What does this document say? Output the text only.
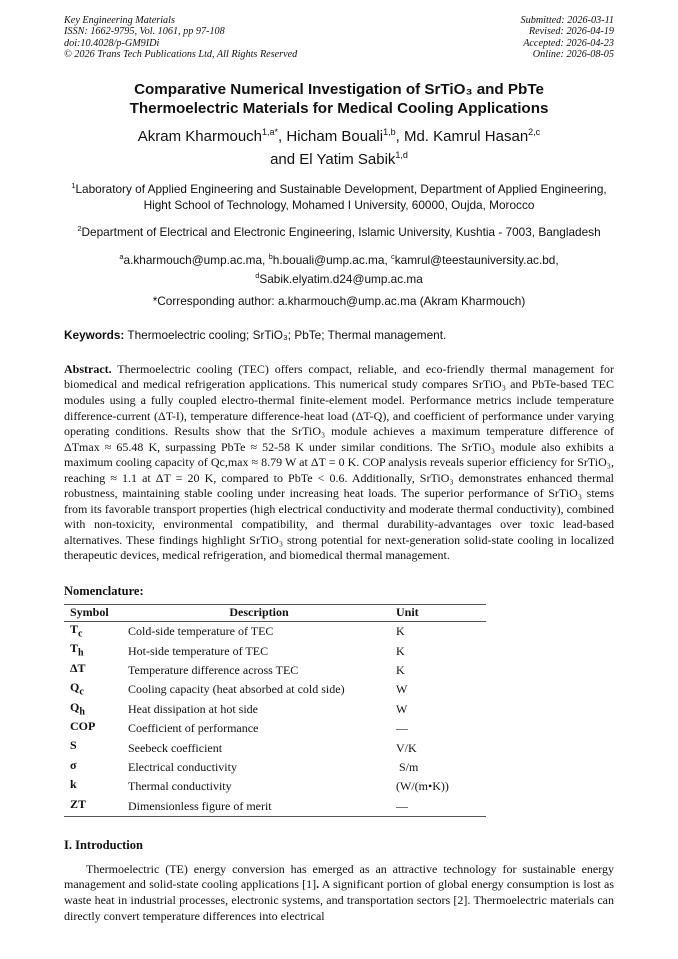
Key Engineering Materials
ISSN: 1662-9795, Vol. 1061, pp 97-108
doi:10.4028/p-GM9IDi
© 2026 Trans Tech Publications Ltd, All Rights Reserved
Submitted: 2026-03-11
Revised: 2026-04-19
Accepted: 2026-04-23
Online: 2026-08-05
Comparative Numerical Investigation of SrTiO₃ and PbTe
Thermoelectric Materials for Medical Cooling Applications
Akram Kharmouch$^{1,a*}$, Hicham Bouali$^{1,b}$, Md. Kamrul Hasan$^{2,c}$
and El Yatim Sabik$^{1,d}$
$^1$Laboratory of Applied Engineering and Sustainable Development, Department of Applied Engineering, Hight School of Technology, Mohamed I University, 60000, Oujda, Morocco
$^2$Department of Electrical and Electronic Engineering, Islamic University, Kushtia - 7003, Bangladesh
$^a$a.kharmouch@ump.ac.ma, $^b$h.bouali@ump.ac.ma, $^c$kamrul@teestauniversity.ac.bd,
$^d$Sabik.elyatim.d24@ump.ac.ma
*Corresponding author: a.kharmouch@ump.ac.ma (Akram Kharmouch)
Keywords: Thermoelectric cooling; SrTiO₃; PbTe; Thermal management.
Abstract. Thermoelectric cooling (TEC) offers compact, reliable, and eco-friendly thermal management for biomedical and medical refrigeration applications. This numerical study compares SrTiO₃ and PbTe-based TEC modules using a fully coupled electro-thermal finite-element model. Performance metrics include temperature difference-current (ΔT-I), temperature difference-heat load (ΔT-Q), and coefficient of performance under varying operating conditions. Results show that the SrTiO₃ module achieves a maximum temperature difference of ΔTmax ≈ 65.48 K, surpassing PbTe ≈ 52-58 K under similar conditions. The SrTiO₃ module also exhibits a maximum cooling capacity of Qc,max ≈ 8.79 W at ΔT = 0 K. COP analysis reveals superior efficiency for SrTiO₃, reaching ≈ 1.1 at ΔT = 20 K, compared to PbTe < 0.6. Additionally, SrTiO₃ demonstrates enhanced thermal robustness, maintaining stable cooling under increasing heat loads. The superior performance of SrTiO₃ stems from its favorable transport properties (high electrical conductivity and moderate thermal conductivity), combined with non-toxicity, environmental compatibility, and thermal durability-advantages over toxic lead-based alternatives. These findings highlight SrTiO₃ strong potential for next-generation solid-state cooling in localized therapeutic devices, medical refrigeration, and biomedical thermal management.
Nomenclature:
Symbol	Description	Unit
$T_c$	Cold-side temperature of TEC	K
$T_h$	Hot-side temperature of TEC	K
ΔT	Temperature difference across TEC	K
$Q_c$	Cooling capacity (heat absorbed at cold side)	W
$Q_h$	Heat dissipation at hot side	W
COP	Coefficient of performance	—
S	Seebeck coefficient	V/K
σ	Electrical conductivity	S/m
k	Thermal conductivity	(W/(m•K))
ZT	Dimensionless figure of merit	—
I. Introduction
Thermoelectric (TE) energy conversion has emerged as an attractive technology for sustainable energy management and solid-state cooling applications [1]. A significant portion of global energy consumption is lost as waste heat in industrial processes, electronic systems, and transportation sectors [2]. Thermoelectric materials can directly convert temperature differences into electrical
